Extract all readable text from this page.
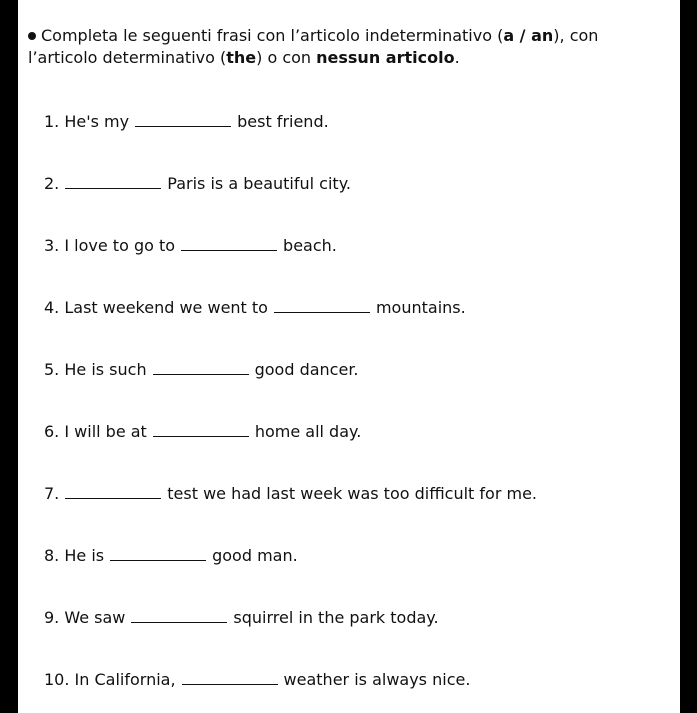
Completa le seguenti frasi con l’articolo indeterminativo (a / an), con l’articolo determinativo (the) o con nessun articolo.
1. He's my	best friend.
2.	Paris is a beautiful city.
3. I love to go to	beach.
4. Last weekend we went to	mountains.
5. He is such	good dancer.
6. I will be at	home all day.
7.	test we had last week was too difficult for me.
8. He is	good man.
9. We saw	squirrel in the park today.
10. In California,	weather is always nice.
